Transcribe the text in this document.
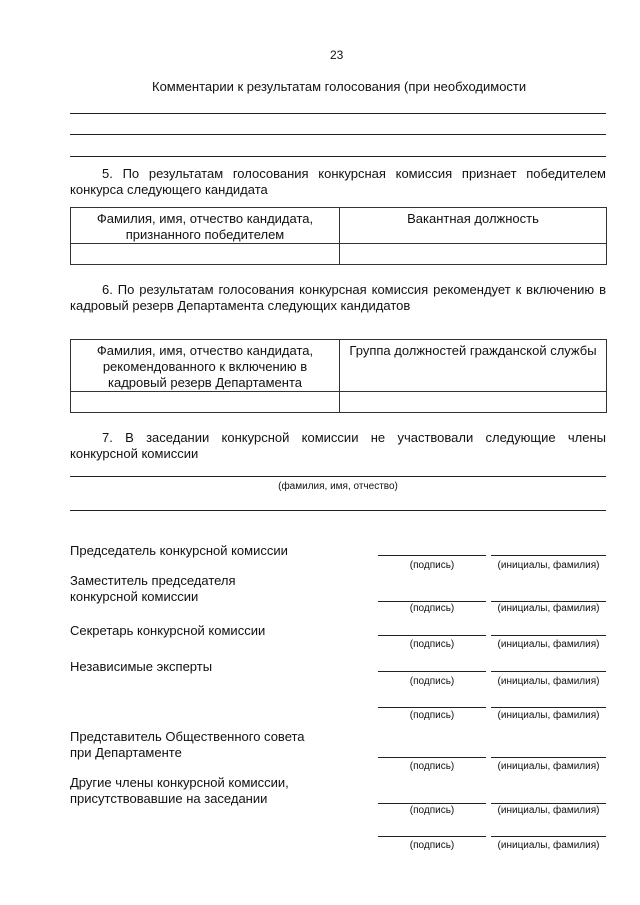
23
Комментарии к результатам голосования (при необходимости
5. По результатам голосования конкурсная комиссия признает победителем
конкурса следующего кандидата
Фамилия, имя, отчество кандидата,
признанного победителем	Вакантная должность

6. По результатам голосования конкурсная комиссия рекомендует к включению в
кадровый резерв Департамента следующих кандидатов
Фамилия, имя, отчество кандидата,
рекомендованного к включению в
кадровый резерв Департамента	Группа должностей гражданской службы

7. В заседании конкурсной комиссии не участвовали следующие члены
конкурсной комиссии
(фамилия, имя, отчество)
Председатель конкурсной комиссии
(подпись)	(инициалы, фамилия)
Заместитель председателя
конкурсной комиссии
(подпись)	(инициалы, фамилия)
Секретарь конкурсной комиссии
(подпись)	(инициалы, фамилия)
Независимые эксперты
(подпись)	(инициалы, фамилия)
(подпись)	(инициалы, фамилия)
Представитель Общественного совета
при Департаменте
(подпись)	(инициалы, фамилия)
Другие члены конкурсной комиссии,
присутствовавшие на заседании
(подпись)	(инициалы, фамилия)
(подпись)	(инициалы, фамилия)
